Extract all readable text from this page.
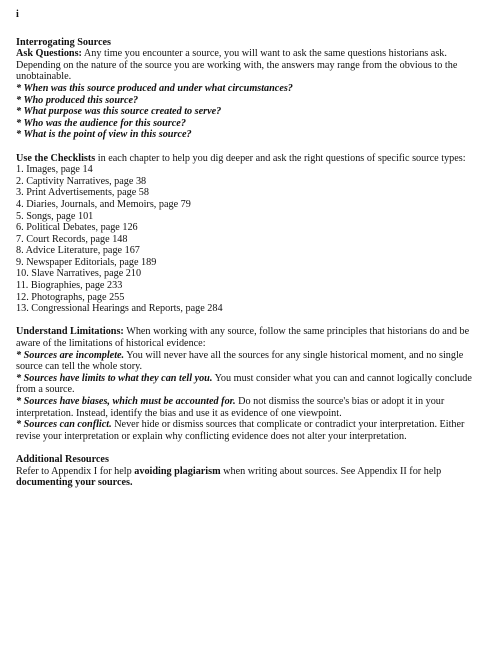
i
Interrogating Sources
Ask Questions: Any time you encounter a source, you will want to ask the same questions historians ask. Depending on the nature of the source you are working with, the answers may range from the obvious to the unobtainable.
* When was this source produced and under what circumstances?
* Who produced this source?
* What purpose was this source created to serve?
* Who was the audience for this source?
* What is the point of view in this source?
Use the Checklists in each chapter to help you dig deeper and ask the right questions of specific source types:
1. Images, page 14
2. Captivity Narratives, page 38
3. Print Advertisements, page 58
4. Diaries, Journals, and Memoirs, page 79
5. Songs, page 101
6. Political Debates, page 126
7. Court Records, page 148
8. Advice Literature, page 167
9. Newspaper Editorials, page 189
10. Slave Narratives, page 210
11. Biographies, page 233
12. Photographs, page 255
13. Congressional Hearings and Reports, page 284
Understand Limitations: When working with any source, follow the same principles that historians do and be aware of the limitations of historical evidence:
* Sources are incomplete. You will never have all the sources for any single historical moment, and no single source can tell the whole story.
* Sources have limits to what they can tell you. You must consider what you can and cannot logically conclude from a source.
* Sources have biases, which must be accounted for. Do not dismiss the source's bias or adopt it in your interpretation. Instead, identify the bias and use it as evidence of one viewpoint.
* Sources can conflict. Never hide or dismiss sources that complicate or contradict your interpretation. Either revise your interpretation or explain why conflicting evidence does not alter your interpretation.
Additional Resources
Refer to Appendix I for help avoiding plagiarism when writing about sources. See Appendix II for help documenting your sources.
